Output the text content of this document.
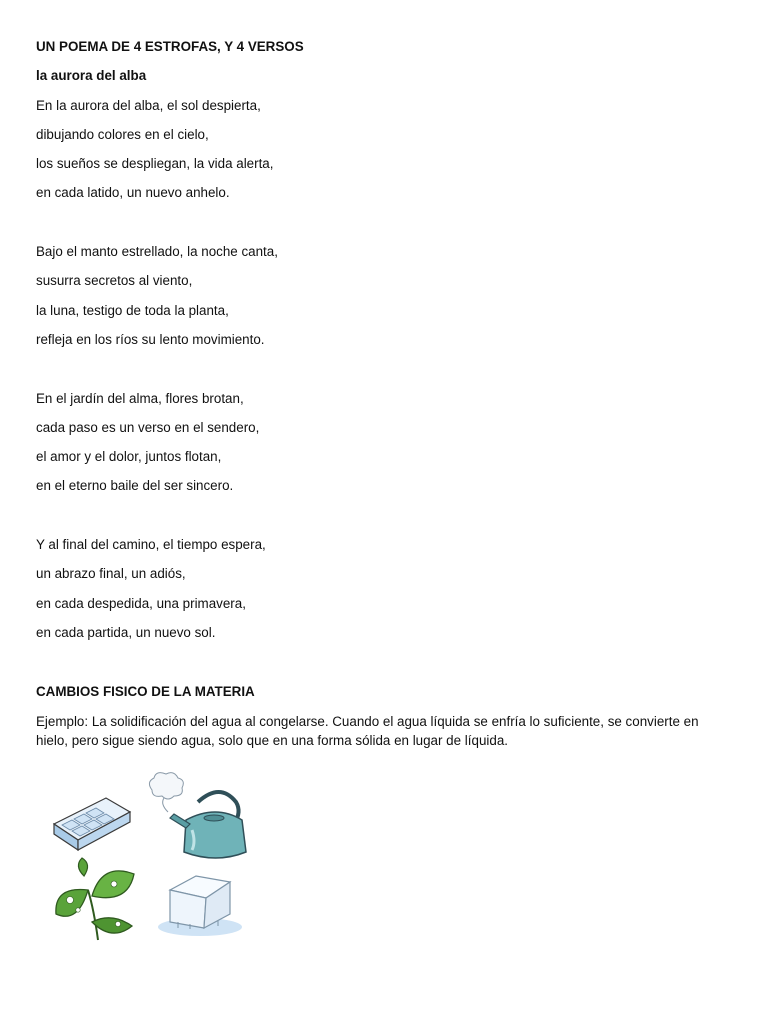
UN POEMA DE 4 ESTROFAS, Y 4 VERSOS
la aurora del alba
En la aurora del alba, el sol despierta,
dibujando colores en el cielo,
los sueños se despliegan, la vida alerta,
en cada latido, un nuevo anhelo.
Bajo el manto estrellado, la noche canta,
susurra secretos al viento,
la luna, testigo de toda la planta,
refleja en los ríos su lento movimiento.
En el jardín del alma, flores brotan,
cada paso es un verso en el sendero,
el amor y el dolor, juntos flotan,
en el eterno baile del ser sincero.
Y al final del camino, el tiempo espera,
un abrazo final, un adiós,
en cada despedida, una primavera,
en cada partida, un nuevo sol.
CAMBIOS FISICO DE LA MATERIA

Ejemplo: La solidificación del agua al congelarse. Cuando el agua líquida se enfría lo suficiente, se convierte en hielo, pero sigue siendo agua, solo que en una forma sólida en lugar de líquida.
